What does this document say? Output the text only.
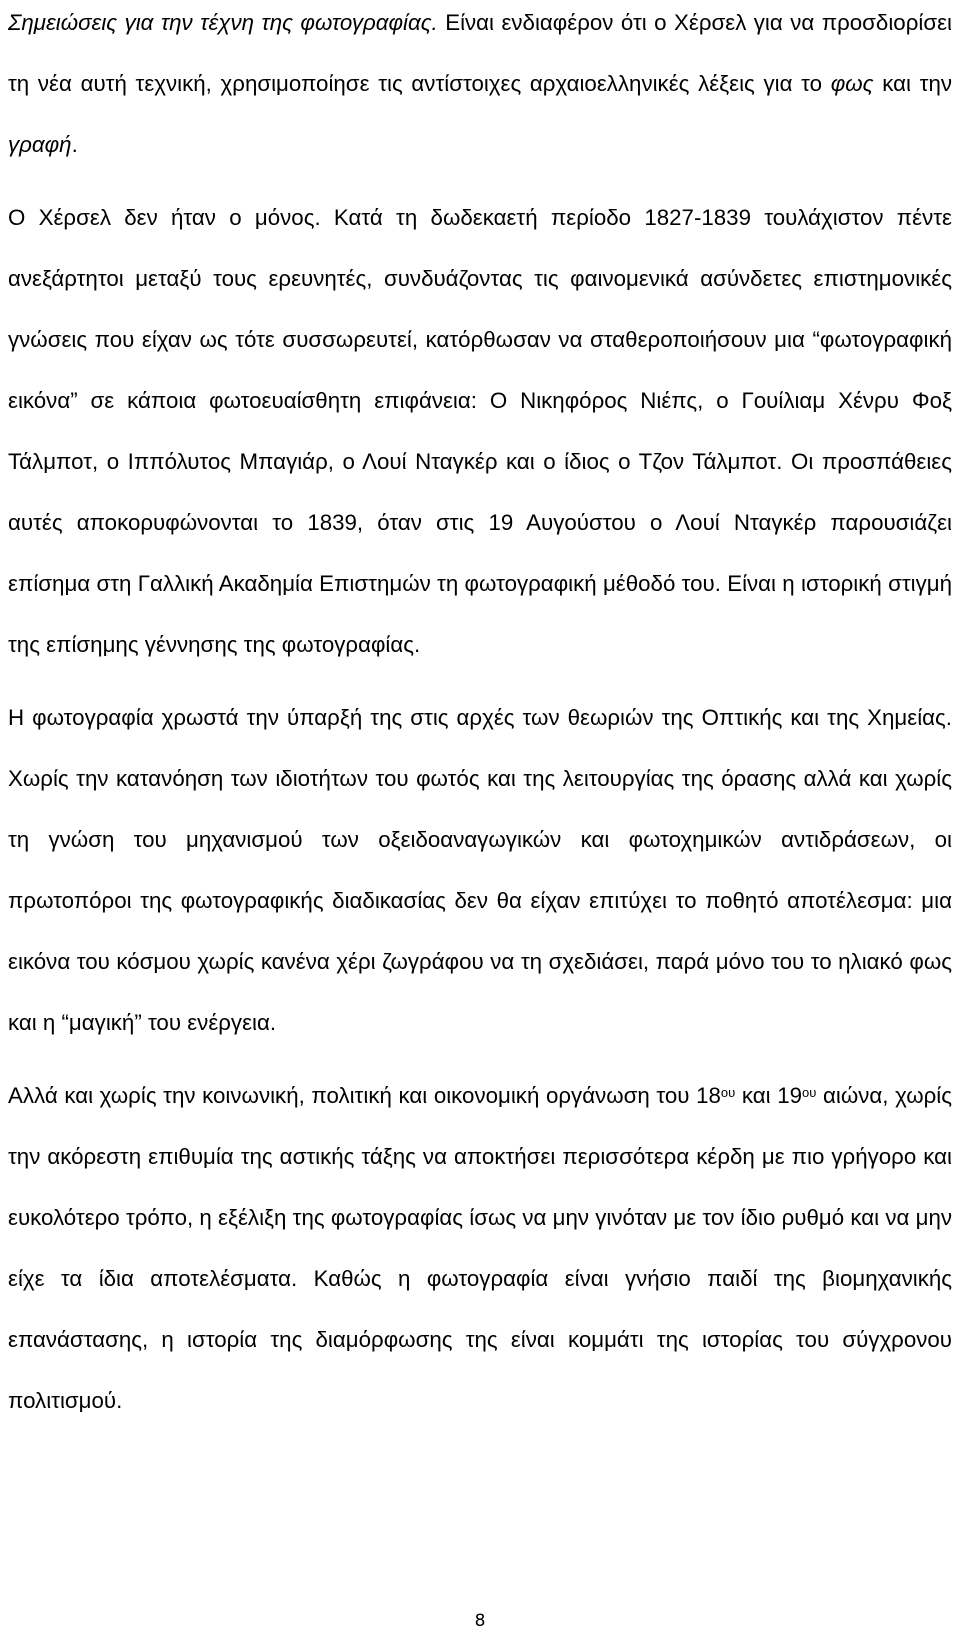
Σημειώσεις για την τέχνη της φωτογραφίας. Είναι ενδιαφέρον ότι ο Χέρσελ για να προσδιορίσει τη νέα αυτή τεχνική, χρησιμοποίησε τις αντίστοιχες αρχαιοελληνικές λέξεις για το φως και την γραφή.

Ο Χέρσελ δεν ήταν ο μόνος. Κατά τη δωδεκαετή περίοδο 1827-1839 τουλάχιστον πέντε ανεξάρτητοι μεταξύ τους ερευνητές, συνδυάζοντας τις φαινομενικά ασύνδετες επιστημονικές γνώσεις που είχαν ως τότε συσσωρευτεί, κατόρθωσαν να σταθεροποιήσουν μια “φωτογραφική εικόνα” σε κάποια φωτοευαίσθητη επιφάνεια: Ο Νικηφόρος Νιέπς, ο Γουίλιαμ Χένρυ Φοξ Τάλμποτ, ο Ιππόλυτος Μπαγιάρ, ο Λουί Νταγκέρ και ο ίδιος ο Τζον Τάλμποτ. Οι προσπάθειες αυτές αποκορυφώνονται το 1839, όταν στις 19 Αυγούστου ο Λουί Νταγκέρ παρουσιάζει επίσημα στη Γαλλική Ακαδημία Επιστημών τη φωτογραφική μέθοδό του. Είναι η ιστορική στιγμή της επίσημης γέννησης της φωτογραφίας.

Η φωτογραφία χρωστά την ύπαρξή της στις αρχές των θεωριών της Οπτικής και της Χημείας. Χωρίς την κατανόηση των ιδιοτήτων του φωτός και της λειτουργίας της όρασης αλλά και χωρίς τη γνώση του μηχανισμού των οξειδοαναγωγικών και φωτοχημικών αντιδράσεων, οι πρωτοπόροι της φωτογραφικής διαδικασίας δεν θα είχαν επιτύχει το ποθητό αποτέλεσμα: μια εικόνα του κόσμου χωρίς κανένα χέρι ζωγράφου να τη σχεδιάσει, παρά μόνο του το ηλιακό φως και η “μαγική” του ενέργεια.

Αλλά και χωρίς την κοινωνική, πολιτική και οικονομική οργάνωση του $18^{o\upsilon}$ και $19^{o\upsilon}$ αιώνα, χωρίς την ακόρεστη επιθυμία της αστικής τάξης να αποκτήσει περισσότερα κέρδη με πιο γρήγορο και ευκολότερο τρόπο, η εξέλιξη της φωτογραφίας ίσως να μην γινόταν με τον ίδιο ρυθμό και να μην είχε τα ίδια αποτελέσματα. Καθώς η φωτογραφία είναι γνήσιο παιδί της βιομηχανικής επανάστασης, η ιστορία της διαμόρφωσης της είναι κομμάτι της ιστορίας του σύγχρονου πολιτισμού.

8
